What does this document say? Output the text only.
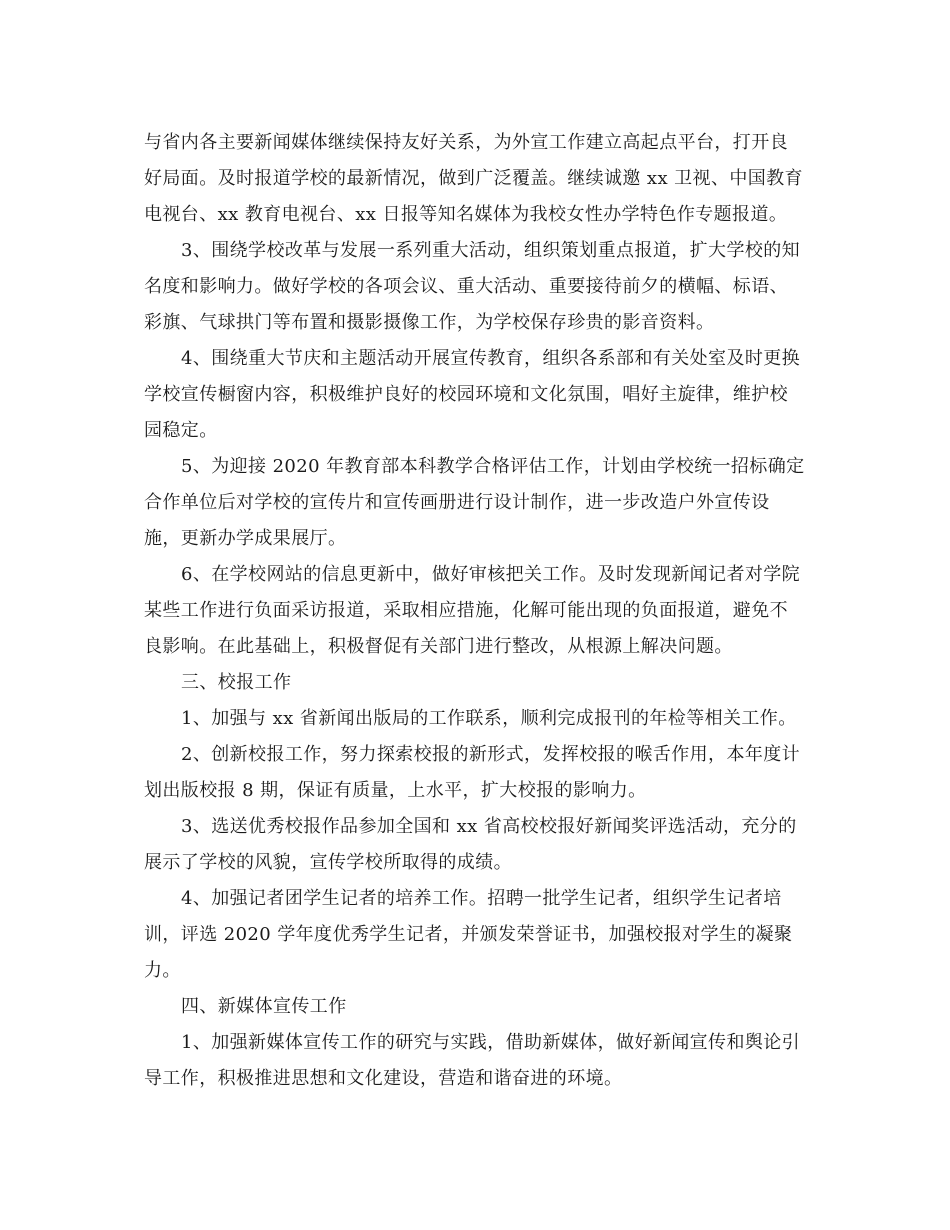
与省内各主要新闻媒体继续保持友好关系，为外宣工作建立高起点平台，打开良
好局面。及时报道学校的最新情况，做到广泛覆盖。继续诚邀 xx 卫视、中国教育
电视台、xx 教育电视台、xx 日报等知名媒体为我校女性办学特色作专题报道。
3、围绕学校改革与发展一系列重大活动，组织策划重点报道，扩大学校的知
名度和影响力。做好学校的各项会议、重大活动、重要接待前夕的横幅、标语、
彩旗、气球拱门等布置和摄影摄像工作，为学校保存珍贵的影音资料。
4、围绕重大节庆和主题活动开展宣传教育，组织各系部和有关处室及时更换
学校宣传橱窗内容，积极维护良好的校园环境和文化氛围，唱好主旋律，维护校
园稳定。
5、为迎接 2020 年教育部本科教学合格评估工作，计划由学校统一招标确定
合作单位后对学校的宣传片和宣传画册进行设计制作，进一步改造户外宣传设
施，更新办学成果展厅。
6、在学校网站的信息更新中，做好审核把关工作。及时发现新闻记者对学院
某些工作进行负面采访报道，采取相应措施，化解可能出现的负面报道，避免不
良影响。在此基础上，积极督促有关部门进行整改，从根源上解决问题。
三、校报工作
1、加强与 xx 省新闻出版局的工作联系，顺利完成报刊的年检等相关工作。
2、创新校报工作，努力探索校报的新形式，发挥校报的喉舌作用，本年度计
划出版校报 8 期，保证有质量，上水平，扩大校报的影响力。
3、选送优秀校报作品参加全国和 xx 省高校校报好新闻奖评选活动，充分的
展示了学校的风貌，宣传学校所取得的成绩。
4、加强记者团学生记者的培养工作。招聘一批学生记者，组织学生记者培
训，评选 2020 学年度优秀学生记者，并颁发荣誉证书，加强校报对学生的凝聚
力。
四、新媒体宣传工作
1、加强新媒体宣传工作的研究与实践，借助新媒体，做好新闻宣传和舆论引
导工作，积极推进思想和文化建设，营造和谐奋进的环境。
